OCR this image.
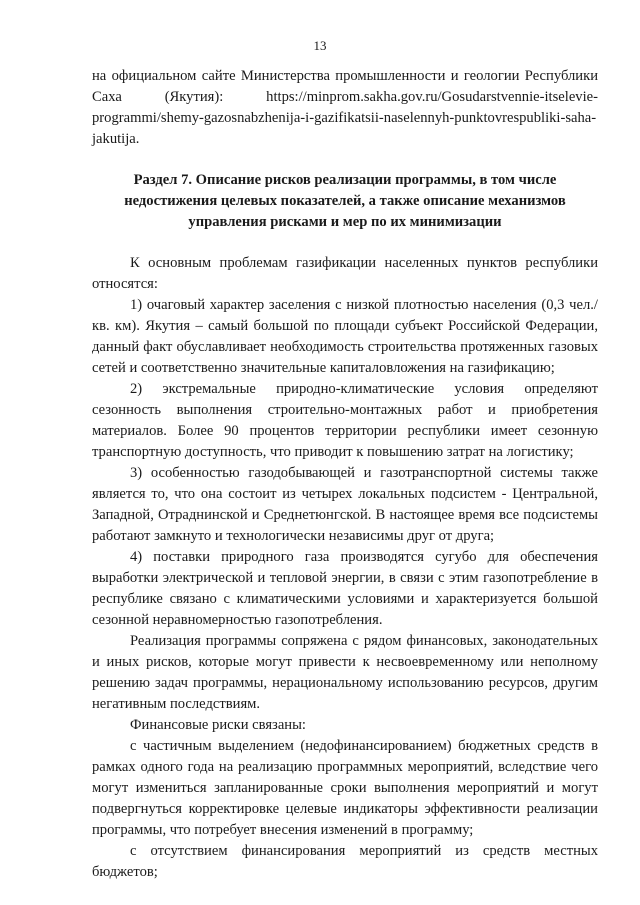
13

на официальном сайте Министерства промышленности и геологии Республики Саха (Якутия): https://minprom.sakha.gov.ru/Gosudarstvennie-itselevie-programmi/shemy-gazosnabzhenija-i-gazifikatsii-naselennyh-punktovrespubliki-saha-jakutija.

Раздел 7. Описание рисков реализации программы, в том числе недостижения целевых показателей, а также описание механизмов управления рисками и мер по их минимизации

К основным проблемам газификации населенных пунктов республики относятся:

1) очаговый характер заселения с низкой плотностью населения (0,3 чел./кв. км). Якутия – самый большой по площади субъект Российской Федерации, данный факт обуславливает необходимость строительства протяженных газовых сетей и соответственно значительные капиталовложения на газификацию;

2) экстремальные природно-климатические условия определяют сезонность выполнения строительно-монтажных работ и приобретения материалов. Более 90 процентов территории республики имеет сезонную транспортную доступность, что приводит к повышению затрат на логистику;

3) особенностью газодобывающей и газотранспортной системы также является то, что она состоит из четырех локальных подсистем - Центральной, Западной, Отраднинской и Среднетюнгской. В настоящее время все подсистемы работают замкнуто и технологически независимы друг от друга;

4) поставки природного газа производятся сугубо для обеспечения выработки электрической и тепловой энергии, в связи с этим газопотребление в республике связано с климатическими условиями и характеризуется большой сезонной неравномерностью газопотребления.

Реализация программы сопряжена с рядом финансовых, законодательных и иных рисков, которые могут привести к несвоевременному или неполному решению задач программы, нерациональному использованию ресурсов, другим негативным последствиям.

Финансовые риски связаны:

с частичным выделением (недофинансированием) бюджетных средств в рамках одного года на реализацию программных мероприятий, вследствие чего могут измениться запланированные сроки выполнения мероприятий и могут подвергнуться корректировке целевые индикаторы эффективности реализации программы, что потребует внесения изменений в программу;

с отсутствием финансирования мероприятий из средств местных бюджетов;
